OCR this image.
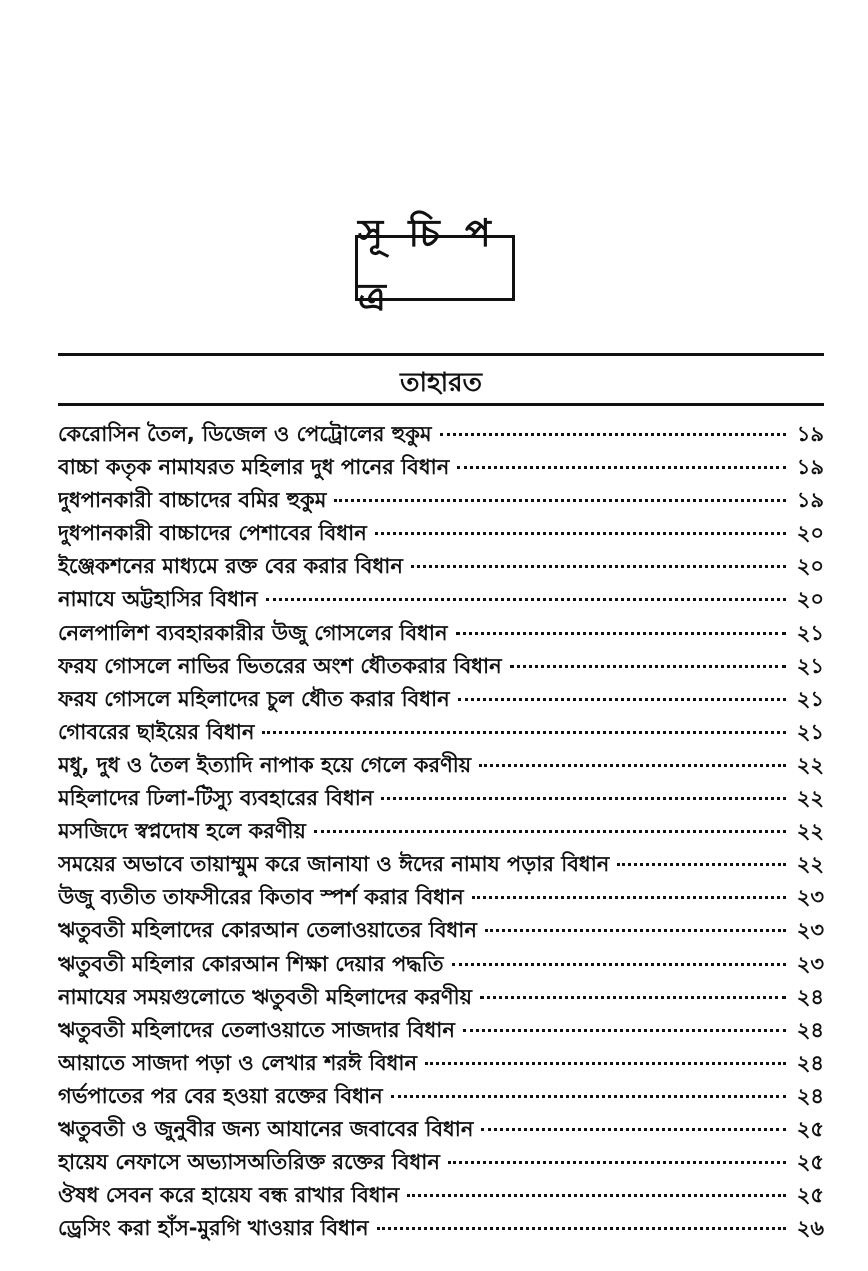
সূ চি প ত্র
তাহারত
কেরোসিন তৈল, ডিজেল ও পেট্রোলের হুকুম	১৯
বাচ্চা কতৃক নামাযরত মহিলার দুধ পানের বিধান	১৯
দুধপানকারী বাচ্চাদের বমির হুকুম	১৯
দুধপানকারী বাচ্চাদের পেশাবের বিধান	২০
ইঞ্জেকশনের মাধ্যমে রক্ত বের করার বিধান	২০
নামাযে অট্টহাসির বিধান	২০
নেলপালিশ ব্যবহারকারীর উজু গোসলের বিধান	২১
ফরয গোসলে নাভির ভিতরের অংশ ধৌতকরার বিধান	২১
ফরয গোসলে মহিলাদের চুল ধৌত করার বিধান	২১
গোবরের ছাইয়ের বিধান	২১
মধু, দুধ ও তৈল ইত্যাদি নাপাক হয়ে গেলে করণীয়	২২
মহিলাদের ঢিলা-টিস্যু ব্যবহারের বিধান	২২
মসজিদে স্বপ্নদোষ হলে করণীয়	২২
সময়ের অভাবে তায়াম্মুম করে জানাযা ও ঈদের নামায পড়ার বিধান	২২
উজু ব্যতীত তাফসীরের কিতাব স্পর্শ করার বিধান	২৩
ঋতুবতী মহিলাদের কোরআন তেলাওয়াতের বিধান	২৩
ঋতুবতী মহিলার কোরআন শিক্ষা দেয়ার পদ্ধতি	২৩
নামাযের সময়গুলোতে ঋতুবতী মহিলাদের করণীয়	২৪
ঋতুবতী মহিলাদের তেলাওয়াতে সাজদার বিধান	২৪
আয়াতে সাজদা পড়া ও লেখার শরঈ বিধান	২৪
গর্ভপাতের পর বের হওয়া রক্তের বিধান	২৪
ঋতুবতী ও জুনুবীর জন্য আযানের জবাবের বিধান	২৫
হায়েয নেফাসে অভ্যাসঅতিরিক্ত রক্তের বিধান	২৫
ঔষধ সেবন করে হায়েয বন্ধ রাখার বিধান	২৫
ড্রেসিং করা হাঁস-মুরগি খাওয়ার বিধান	২৬
